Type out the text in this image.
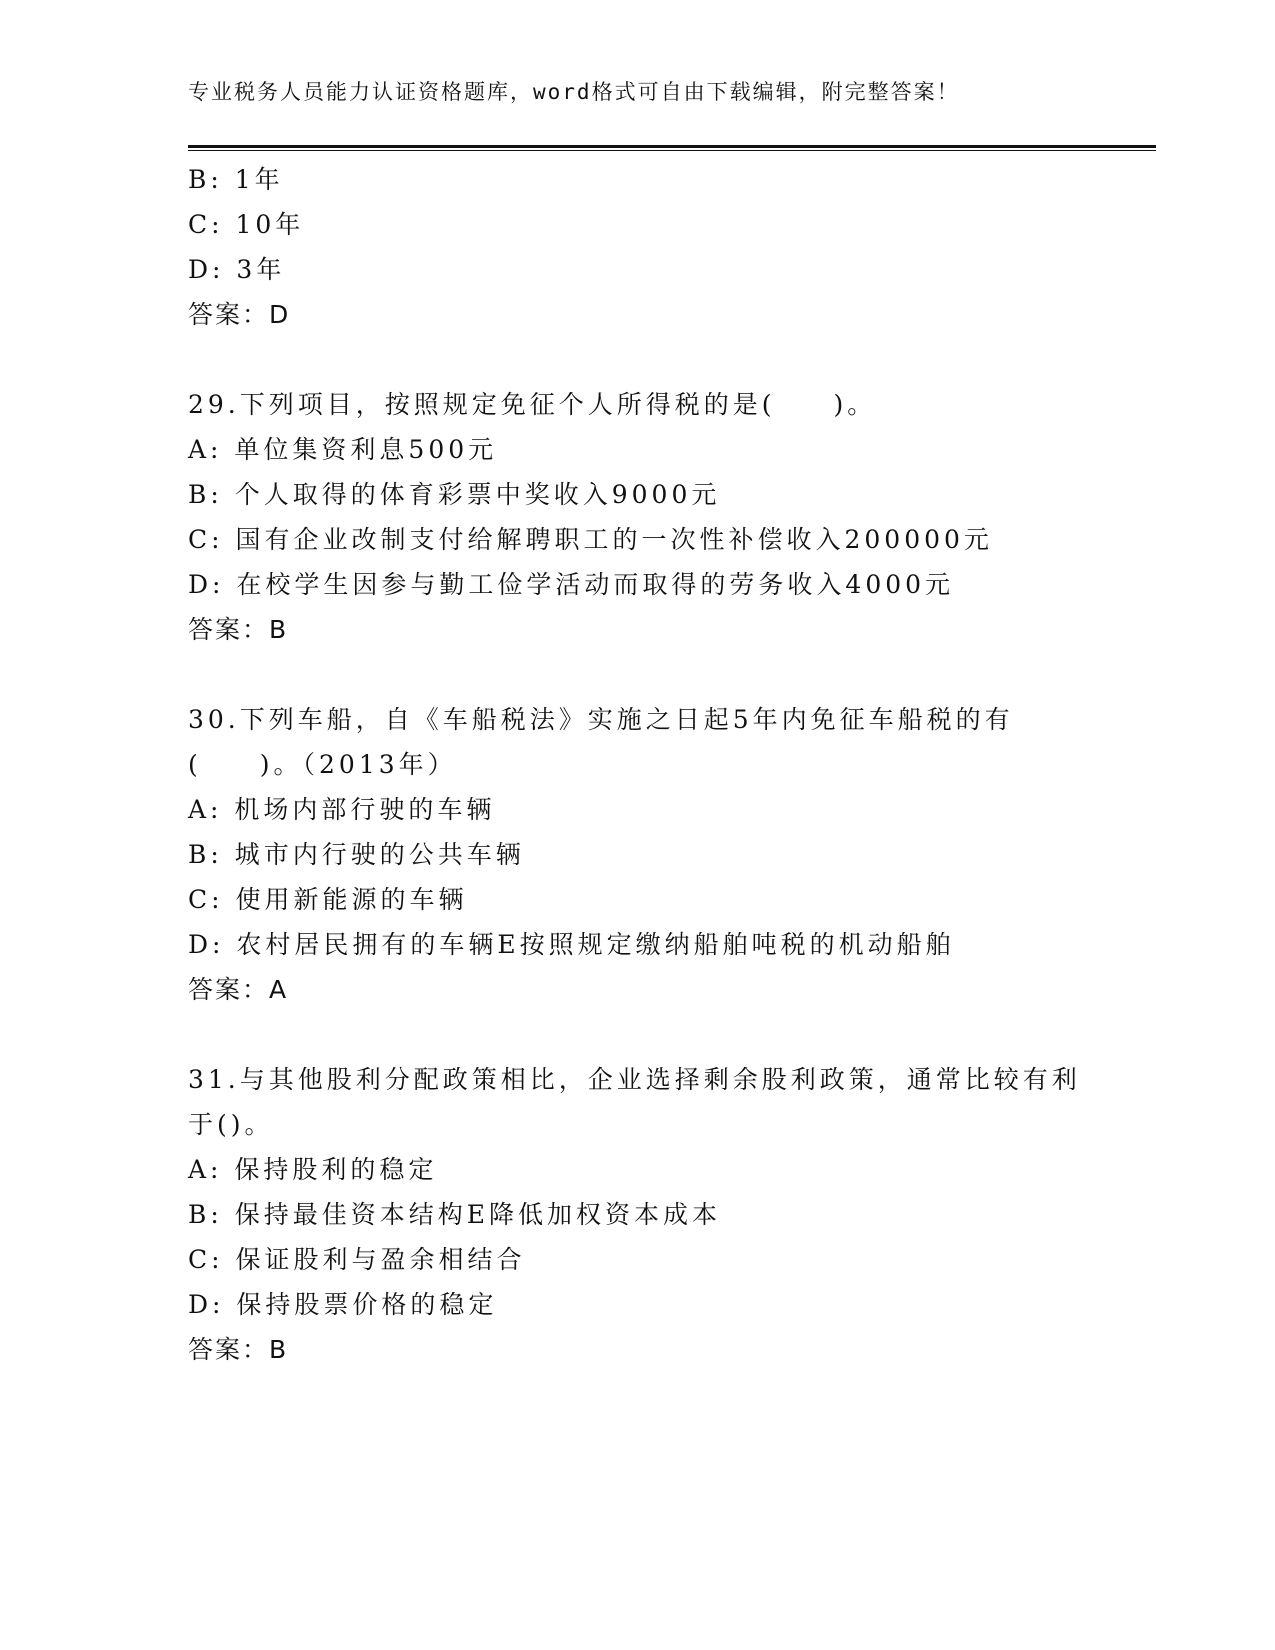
专业税务人员能力认证资格题库，word格式可自由下载编辑，附完整答案！
B: 1年
C: 10年
D: 3年
答案：D
29.下列项目，按照规定免征个人所得税的是(　　)。
A: 单位集资利息500元
B: 个人取得的体育彩票中奖收入9000元
C: 国有企业改制支付给解聘职工的一次性补偿收入200000元
D: 在校学生因参与勤工俭学活动而取得的劳务收入4000元
答案：B
30.下列车船，自《车船税法》实施之日起5年内免征车船税的有
(　　)。（2013年）
A: 机场内部行驶的车辆
B: 城市内行驶的公共车辆
C: 使用新能源的车辆
D: 农村居民拥有的车辆E按照规定缴纳船舶吨税的机动船舶
答案：A
31.与其他股利分配政策相比，企业选择剩余股利政策，通常比较有利
于()。
A: 保持股利的稳定
B: 保持最佳资本结构E降低加权资本成本
C: 保证股利与盈余相结合
D: 保持股票价格的稳定
答案：B
